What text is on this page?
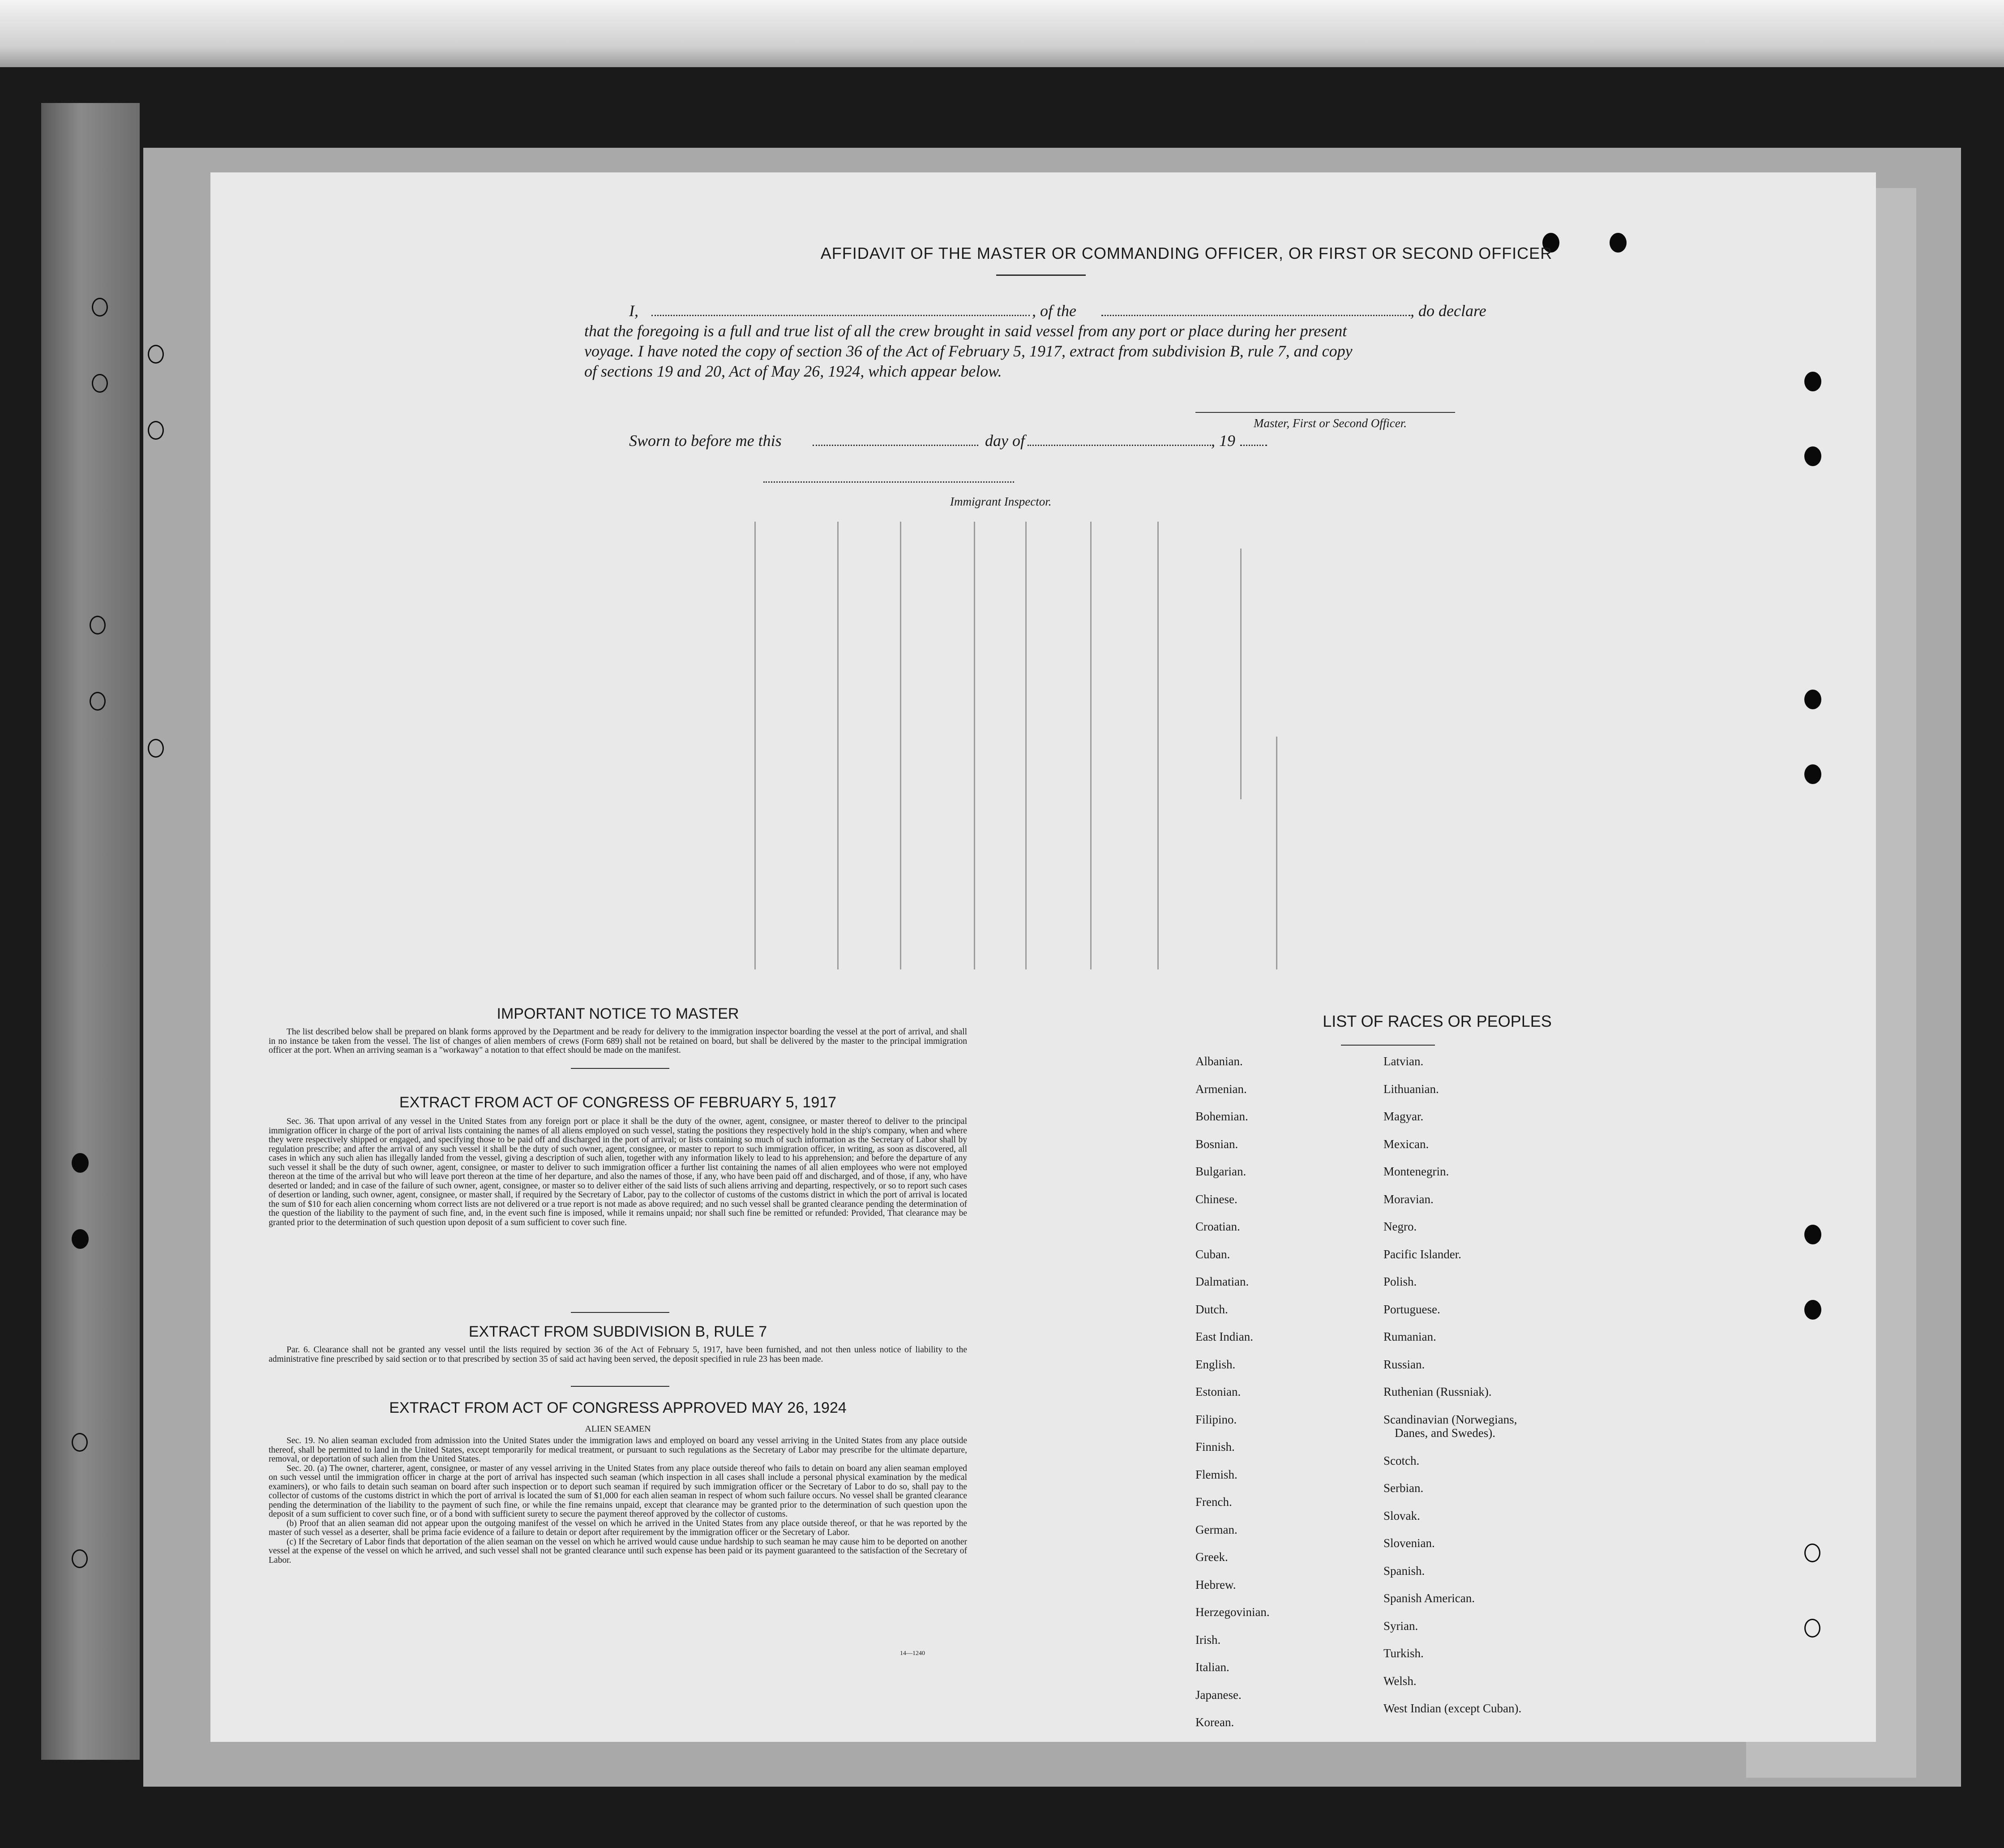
AFFIDAVIT OF THE MASTER OR COMMANDING OFFICER, OR FIRST OR SECOND OFFICER
I,	, of the	, do declare
that the foregoing is a full and true list of all the crew brought in said vessel from any port or place during her present
voyage. I have noted the copy of section 36 of the Act of February 5, 1917, extract from subdivision B, rule 7, and copy
of sections 19 and 20, Act of May 26, 1924, which appear below.
Master, First or Second Officer.
Sworn to before me this	day of	, 19
Immigrant Inspector.
IMPORTANT NOTICE TO MASTER

The list described below shall be prepared on blank forms approved by the Department and be ready for delivery to the immigration inspector boarding the vessel at the port of arrival, and shall in no instance be taken from the vessel. The list of changes of alien members of crews (Form 689) shall not be retained on board, but shall be delivered by the master to the principal immigration officer at the port. When an arriving seaman is a "workaway" a notation to that effect should be made on the manifest.

EXTRACT FROM ACT OF CONGRESS OF FEBRUARY 5, 1917

Sec. 36. That upon arrival of any vessel in the United States from any foreign port or place it shall be the duty of the owner, agent, consignee, or master thereof to deliver to the principal immigration officer in charge of the port of arrival lists containing the names of all aliens employed on such vessel, stating the positions they respectively hold in the ship's company, when and where they were respectively shipped or engaged, and specifying those to be paid off and discharged in the port of arrival; or lists containing so much of such information as the Secretary of Labor shall by regulation prescribe; and after the arrival of any such vessel it shall be the duty of such owner, agent, consignee, or master to report to such immigration officer, in writing, as soon as discovered, all cases in which any such alien has illegally landed from the vessel, giving a description of such alien, together with any information likely to lead to his apprehension; and before the departure of any such vessel it shall be the duty of such owner, agent, consignee, or master to deliver to such immigration officer a further list containing the names of all alien employees who were not employed thereon at the time of the arrival but who will leave port thereon at the time of her departure, and also the names of those, if any, who have been paid off and discharged, and of those, if any, who have deserted or landed; and in case of the failure of such owner, agent, consignee, or master so to deliver either of the said lists of such aliens arriving and departing, respectively, or so to report such cases of desertion or landing, such owner, agent, consignee, or master shall, if required by the Secretary of Labor, pay to the collector of customs of the customs district in which the port of arrival is located the sum of $10 for each alien concerning whom correct lists are not delivered or a true report is not made as above required; and no such vessel shall be granted clearance pending the determination of the question of the liability to the payment of such fine, and, in the event such fine is imposed, while it remains unpaid; nor shall such fine be remitted or refunded: Provided, That clearance may be granted prior to the determination of such question upon deposit of a sum sufficient to cover such fine.

EXTRACT FROM SUBDIVISION B, RULE 7

Par. 6. Clearance shall not be granted any vessel until the lists required by section 36 of the Act of February 5, 1917, have been furnished, and not then unless notice of liability to the administrative fine prescribed by said section or to that prescribed by section 35 of said act having been served, the deposit specified in rule 23 has been made.

EXTRACT FROM ACT OF CONGRESS APPROVED MAY 26, 1924
ALIEN SEAMEN

Sec. 19. No alien seaman excluded from admission into the United States under the immigration laws and employed on board any vessel arriving in the United States from any place outside thereof, shall be permitted to land in the United States, except temporarily for medical treatment, or pursuant to such regulations as the Secretary of Labor may prescribe for the ultimate departure, removal, or deportation of such alien from the United States.

Sec. 20. (a) The owner, charterer, agent, consignee, or master of any vessel arriving in the United States from any place outside thereof who fails to detain on board any alien seaman employed on such vessel until the immigration officer in charge at the port of arrival has inspected such seaman (which inspection in all cases shall include a personal physical examination by the medical examiners), or who fails to detain such seaman on board after such inspection or to deport such seaman if required by such immigration officer or the Secretary of Labor to do so, shall pay to the collector of customs of the customs district in which the port of arrival is located the sum of $1,000 for each alien seaman in respect of whom such failure occurs. No vessel shall be granted clearance pending the determination of the liability to the payment of such fine, or while the fine remains unpaid, except that clearance may be granted prior to the determination of such question upon the deposit of a sum sufficient to cover such fine, or of a bond with sufficient surety to secure the payment thereof approved by the collector of customs.

(b) Proof that an alien seaman did not appear upon the outgoing manifest of the vessel on which he arrived in the United States from any place outside thereof, or that he was reported by the master of such vessel as a deserter, shall be prima facie evidence of a failure to detain or deport after requirement by the immigration officer or the Secretary of Labor.

(c) If the Secretary of Labor finds that deportation of the alien seaman on the vessel on which he arrived would cause undue hardship to such seaman he may cause him to be deported on another vessel at the expense of the vessel on which he arrived, and such vessel shall not be granted clearance until such expense has been paid or its payment guaranteed to the satisfaction of the Secretary of Labor.

14—1240
LIST OF RACES OR PEOPLES
Albanian.
Armenian.
Bohemian.
Bosnian.
Bulgarian.
Chinese.
Croatian.
Cuban.
Dalmatian.
Dutch.
East Indian.
English.
Estonian.
Filipino.
Finnish.
Flemish.
French.
German.
Greek.
Hebrew.
Herzegovinian.
Irish.
Italian.
Japanese.
Korean.
Latvian.
Lithuanian.
Magyar.
Mexican.
Montenegrin.
Moravian.
Negro.
Pacific Islander.
Polish.
Portuguese.
Rumanian.
Russian.
Ruthenian (Russniak).
Scandinavian (Norwegians,
Danes, and Swedes).
Scotch.
Serbian.
Slovak.
Slovenian.
Spanish.
Spanish American.
Syrian.
Turkish.
Welsh.
West Indian (except Cuban).
